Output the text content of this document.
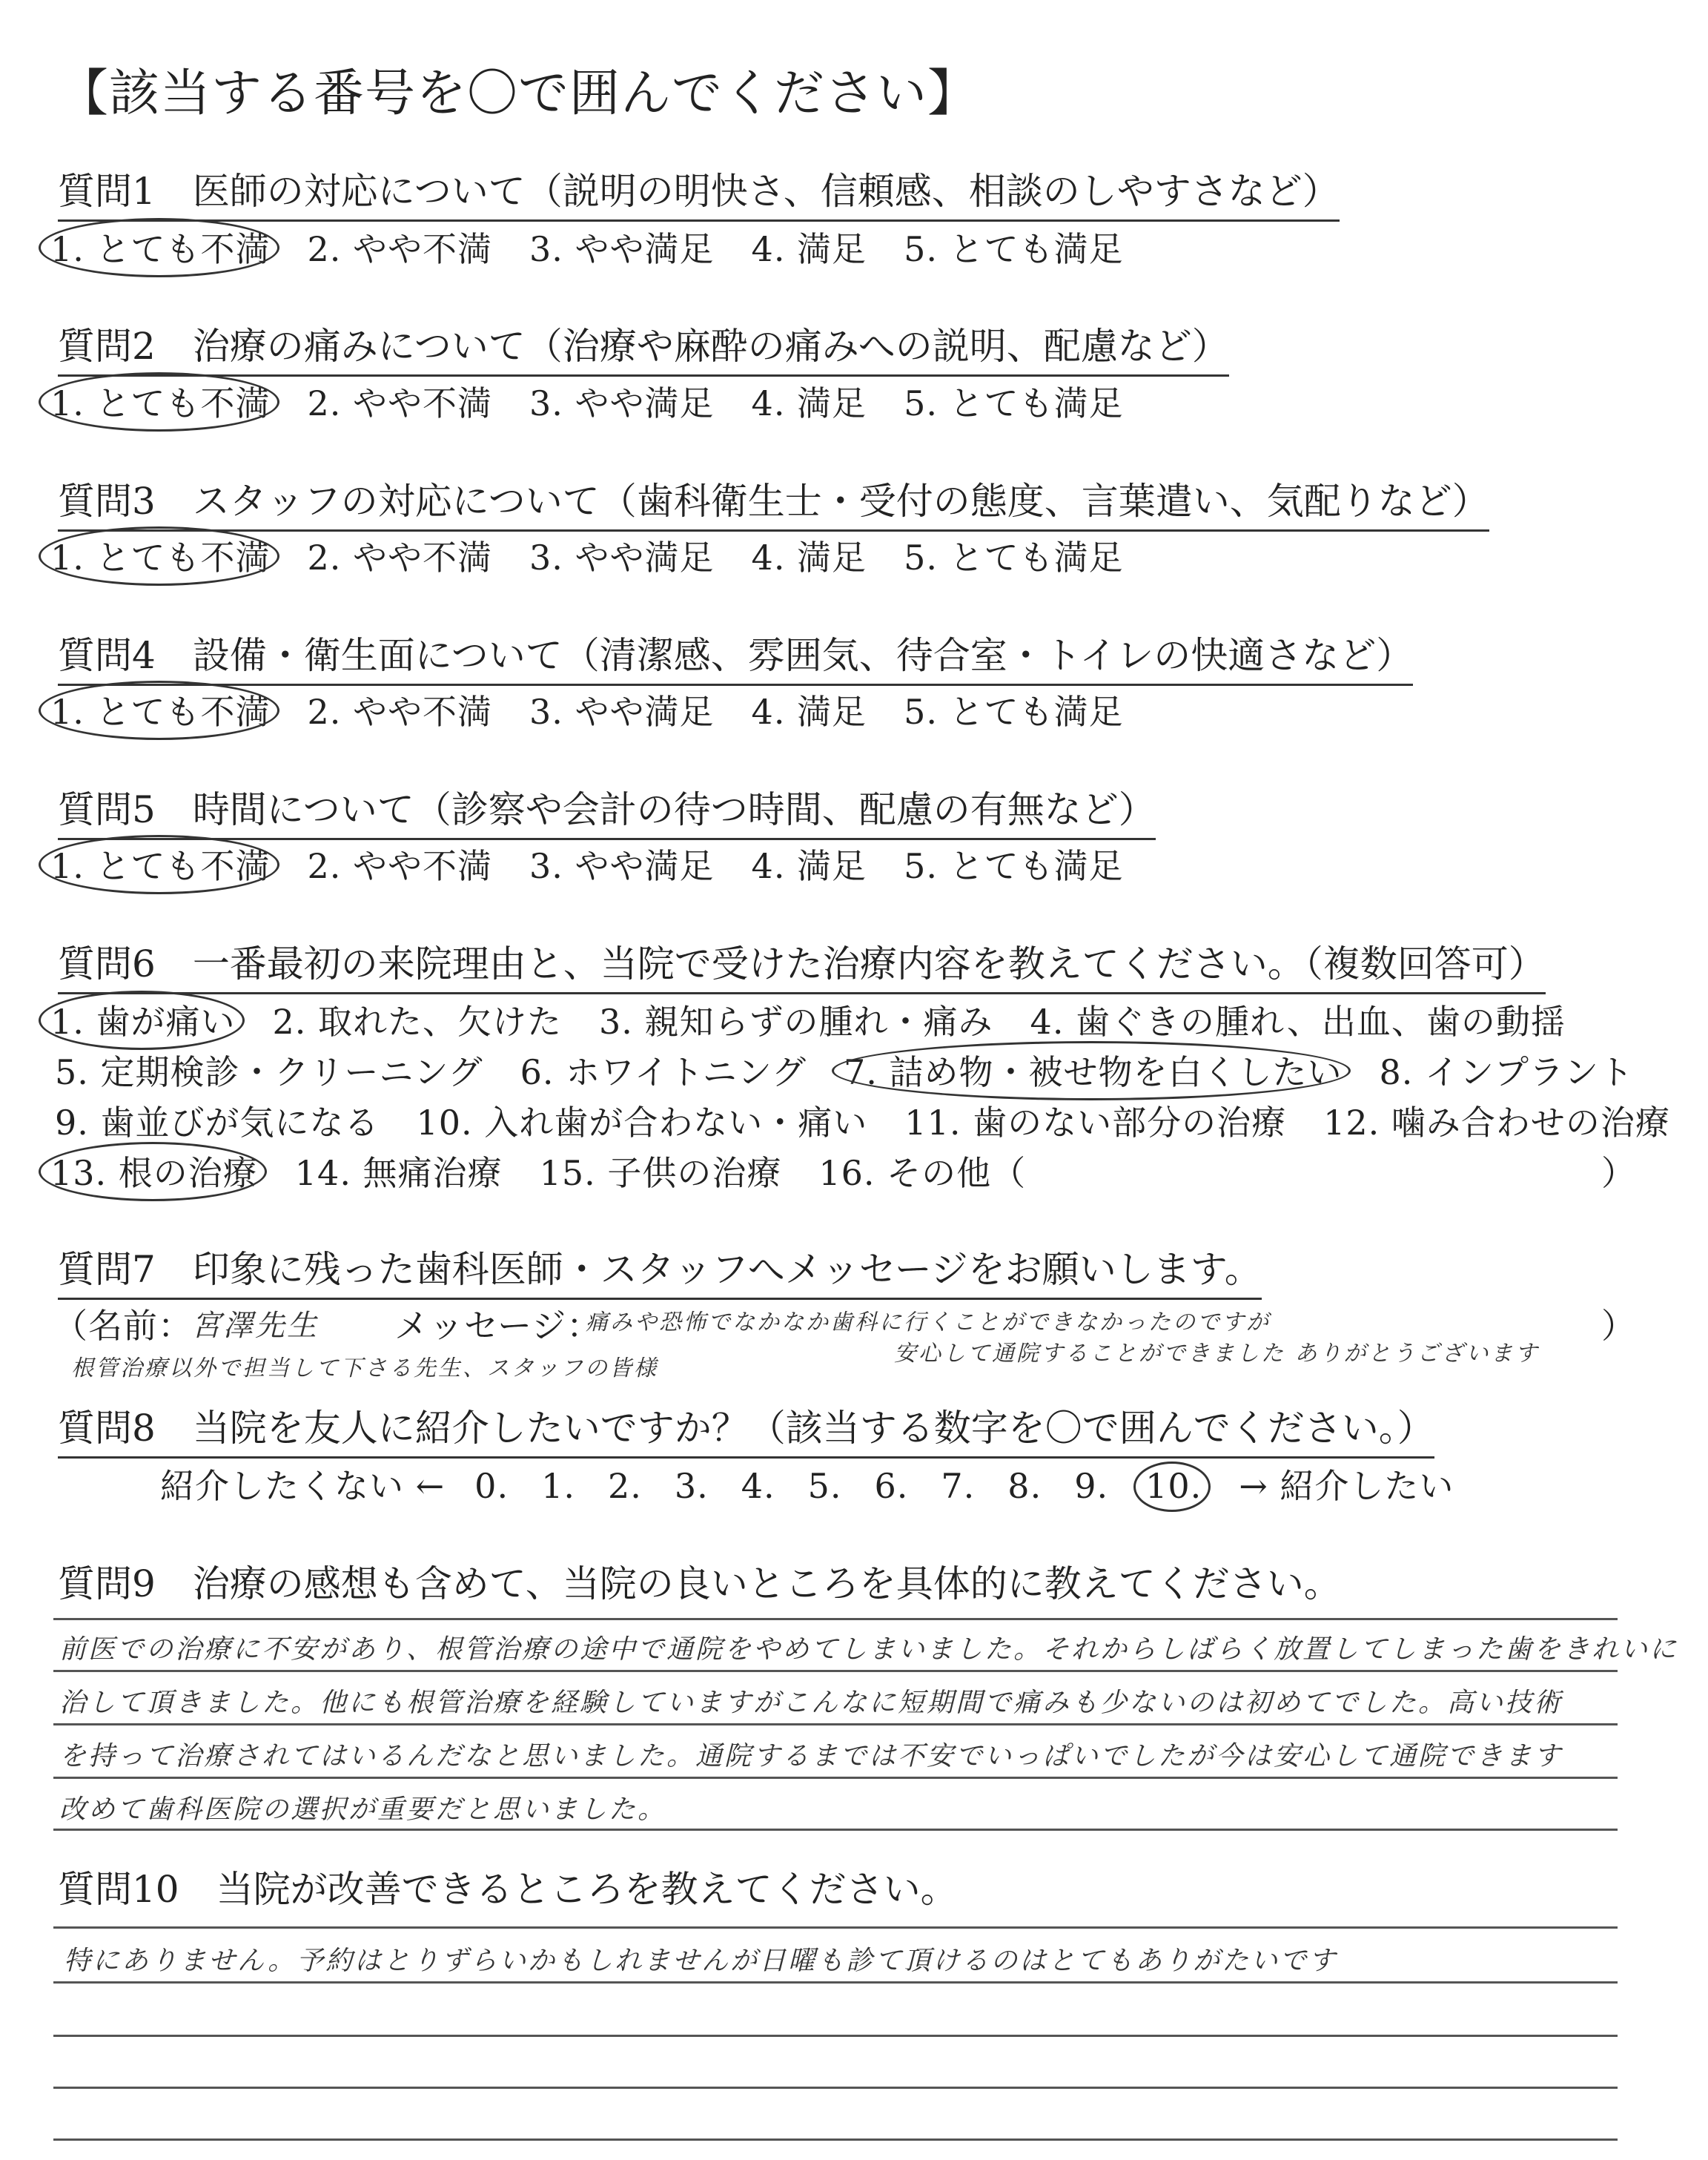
【該当する番号を〇で囲んでください】
質問1　 医師の対応について（説明の明快さ、信頼感、相談のしやすさなど）
1. とても不満 2. やや不満 3. やや満足 4. 満足 5. とても満足
質問2　 治療の痛みについて（治療や麻酔の痛みへの説明、配慮など）
1. とても不満 2. やや不満 3. やや満足 4. 満足 5. とても満足
質問3　 スタッフの対応について（歯科衛生士・受付の態度、言葉遣い、気配りなど）
1. とても不満 2. やや不満 3. やや満足 4. 満足 5. とても満足
質問4　 設備・衛生面について（清潔感、雰囲気、待合室・トイレの快適さなど）
1. とても不満 2. やや不満 3. やや満足 4. 満足 5. とても満足
質問5　 時間について（診察や会計の待つ時間、配慮の有無など）
1. とても不満 2. やや不満 3. やや満足 4. 満足 5. とても満足
質問6　 一番最初の来院理由と、当院で受けた治療内容を教えてください。（複数回答可）
1. 歯が痛い 2. 取れた、欠けた 3. 親知らずの腫れ・痛み 4. 歯ぐきの腫れ、出血、歯の動揺
5. 定期検診・クリーニング 6. ホワイトニング 7. 詰め物・被せ物を白くしたい 8. インプラント
9. 歯並びが気になる 10. 入れ歯が合わない・痛い 11. 歯のない部分の治療 12. 噛み合わせの治療
13. 根の治療 14. 無痛治療 15. 子供の治療 16. その他（	）
質問7　 印象に残った歯科医師・スタッフへメッセージをお願いします。
（名前：
宮澤先生 メッセージ：
痛みや恐怖でなかなか歯科に行くことができなかったのですが	）
根管治療以外で担当して下さる先生、スタッフの皆様
安心して通院することができました ありがとうございます
質問8　 当院を友人に紹介したいですか？（該当する数字を〇で囲んでください。）
紹介したくない ← 0. 1. 2. 3. 4. 5. 6. 7. 8. 9. 10. → 紹介したい
質問9　 治療の感想も含めて、当院の良いところを具体的に教えてください。
前医での治療に不安があり、根管治療の途中で通院をやめてしまいました。それからしばらく放置してしまった歯をきれいに
治して頂きました。他にも根管治療を経験していますがこんなに短期間で痛みも少ないのは初めてでした。高い技術
を持って治療されてはいるんだなと思いました。通院するまでは不安でいっぱいでしたが今は安心して通院できます
改めて歯科医院の選択が重要だと思いました。
質問10　 当院が改善できるところを教えてください。
特にありません。予約はとりずらいかもしれませんが日曜も診て頂けるのはとてもありがたいです
